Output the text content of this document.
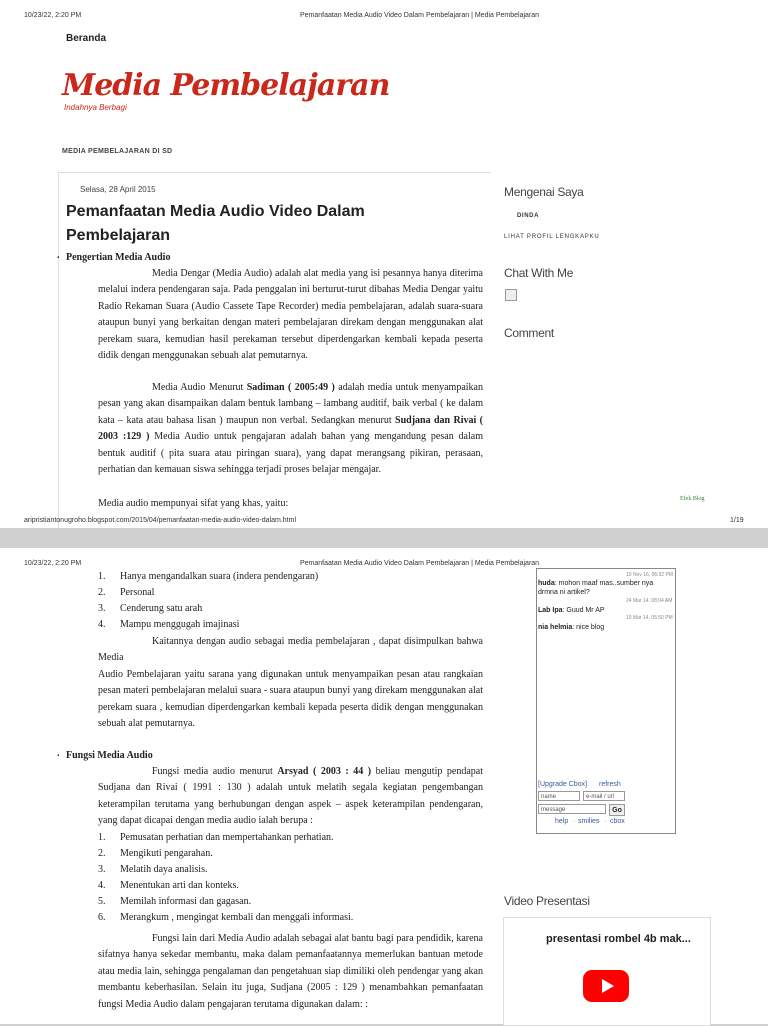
10/23/22, 2:20 PM	Pemanfaatan Media Audio Video Dalam Pembelajaran | Media Pembelajaran
Beranda
Media Pembelajaran
Indahnya Berbagi
MEDIA PEMBELAJARAN DI SD
Selasa, 28 April 2015
Pemanfaatan Media Audio Video Dalam Pembelajaran
. Pengertian Media Audio
Media Dengar (Media Audio) adalah alat media yang isi pesannya hanya diterima melalui indera pendengaran saja. Pada penggalan ini berturut-turut dibahas Media Dengar yaitu Radio Rekaman Suara (Audio Cassete Tape Recorder) media pembelajaran, adalah suara-suara ataupun bunyi yang berkaitan dengan materi pembelajaran direkam dengan menggunakan alat perekam suara, kemudian hasil perekaman tersebut diperdengarkan kembali kepada peserta didik dengan menggunakan sebuah alat pemutarnya.
Media Audio Menurut Sadiman ( 2005:49 ) adalah media untuk menyampaikan pesan yang akan disampaikan dalam bentuk lambang – lambang auditif, baik verbal ( ke dalam kata – kata atau bahasa lisan ) maupun non verbal. Sedangkan menurut Sudjana dan Rivai ( 2003 :129 ) Media Audio untuk pengajaran adalah bahan yang mengandung pesan dalam bentuk auditif ( pita suara atau piringan suara), yang dapat merangsang pikiran, perasaan, perhatian dan kemauan siswa sehingga terjadi proses belajar mengajar.
Media audio mempunyai sifat yang khas, yaitu:
Mengenai Saya
DINDA
LIHAT PROFIL LENGKAPKU
Chat With Me
Comment
Efek Blog
aripristiantonugroho.blogspot.com/2015/04/pemanfaatan-media-audio-video-dalam.html	1/19
10/23/22, 2:20 PM	Pemanfaatan Media Audio Video Dalam Pembelajaran | Media Pembelajaran
1. Hanya mengandalkan suara (indera pendengaran)
2. Personal
3. Cenderung satu arah
4. Mampu menggugah imajinasi
Kaitannya dengan audio sebagai media pembelajaran , dapat disimpulkan bahwa Media
Audio Pembelajaran yaitu sarana yang digunakan untuk menyampaikan pesan atau rangkaian pesan materi pembelajaran melalui suara - suara ataupun bunyi yang direkam menggunakan alat perekam suara , kemudian diperdengarkan kembali kepada peserta didik dengan menggunakan sebuah alat pemutarnya.
. Fungsi Media Audio
Fungsi media audio menurut Arsyad ( 2003 : 44 ) beliau mengutip pendapat Sudjana dan Rivai ( 1991 : 130 ) adalah untuk melatih segala kegiatan pengembangan keterampilan terutama yang berhubungan dengan aspek – aspek keterampilan pendengaran, yang dapat dicapai dengan media audio ialah berupa :
1. Pemusatan perhatian dan mempertahankan perhatian.
2. Mengikuti pengarahan.
3. Melatih daya analisis.
4. Menentukan arti dan konteks.
5. Memilah informasi dan gagasan.
6. Merangkum , mengingat kembali dan menggali informasi.
Fungsi lain dari Media Audio adalah sebagai alat bantu bagi para pendidik, karena sifatnya hanya sekedar membantu, maka dalam pemanfaatannya memerlukan bantuan metode atau media lain, sehingga pengalaman dan pengetahuan siap dimiliki oleh pendengar yang akan membantu keberhasilan. Selain itu juga, Sudjana (2005 : 129 ) menambahkan pemanfaatan fungsi Media Audio dalam pengajaran terutama digunakan dalam: :
10 Nov 16, 06:32 PM
huda: mohon maaf mas..sumber nya drmna ni artikel?
24 Mar 14, 08:04 AM
Lab Ipa: Guud Mr AP
10 Mar 14, 05:50 PM
nia helmia: nice blog
[Upgrade Cbox]	refresh
name	e-mail / url
message	Go
help · smilies · cbox
Video Presentasi
presentasi rombel 4b mak...
